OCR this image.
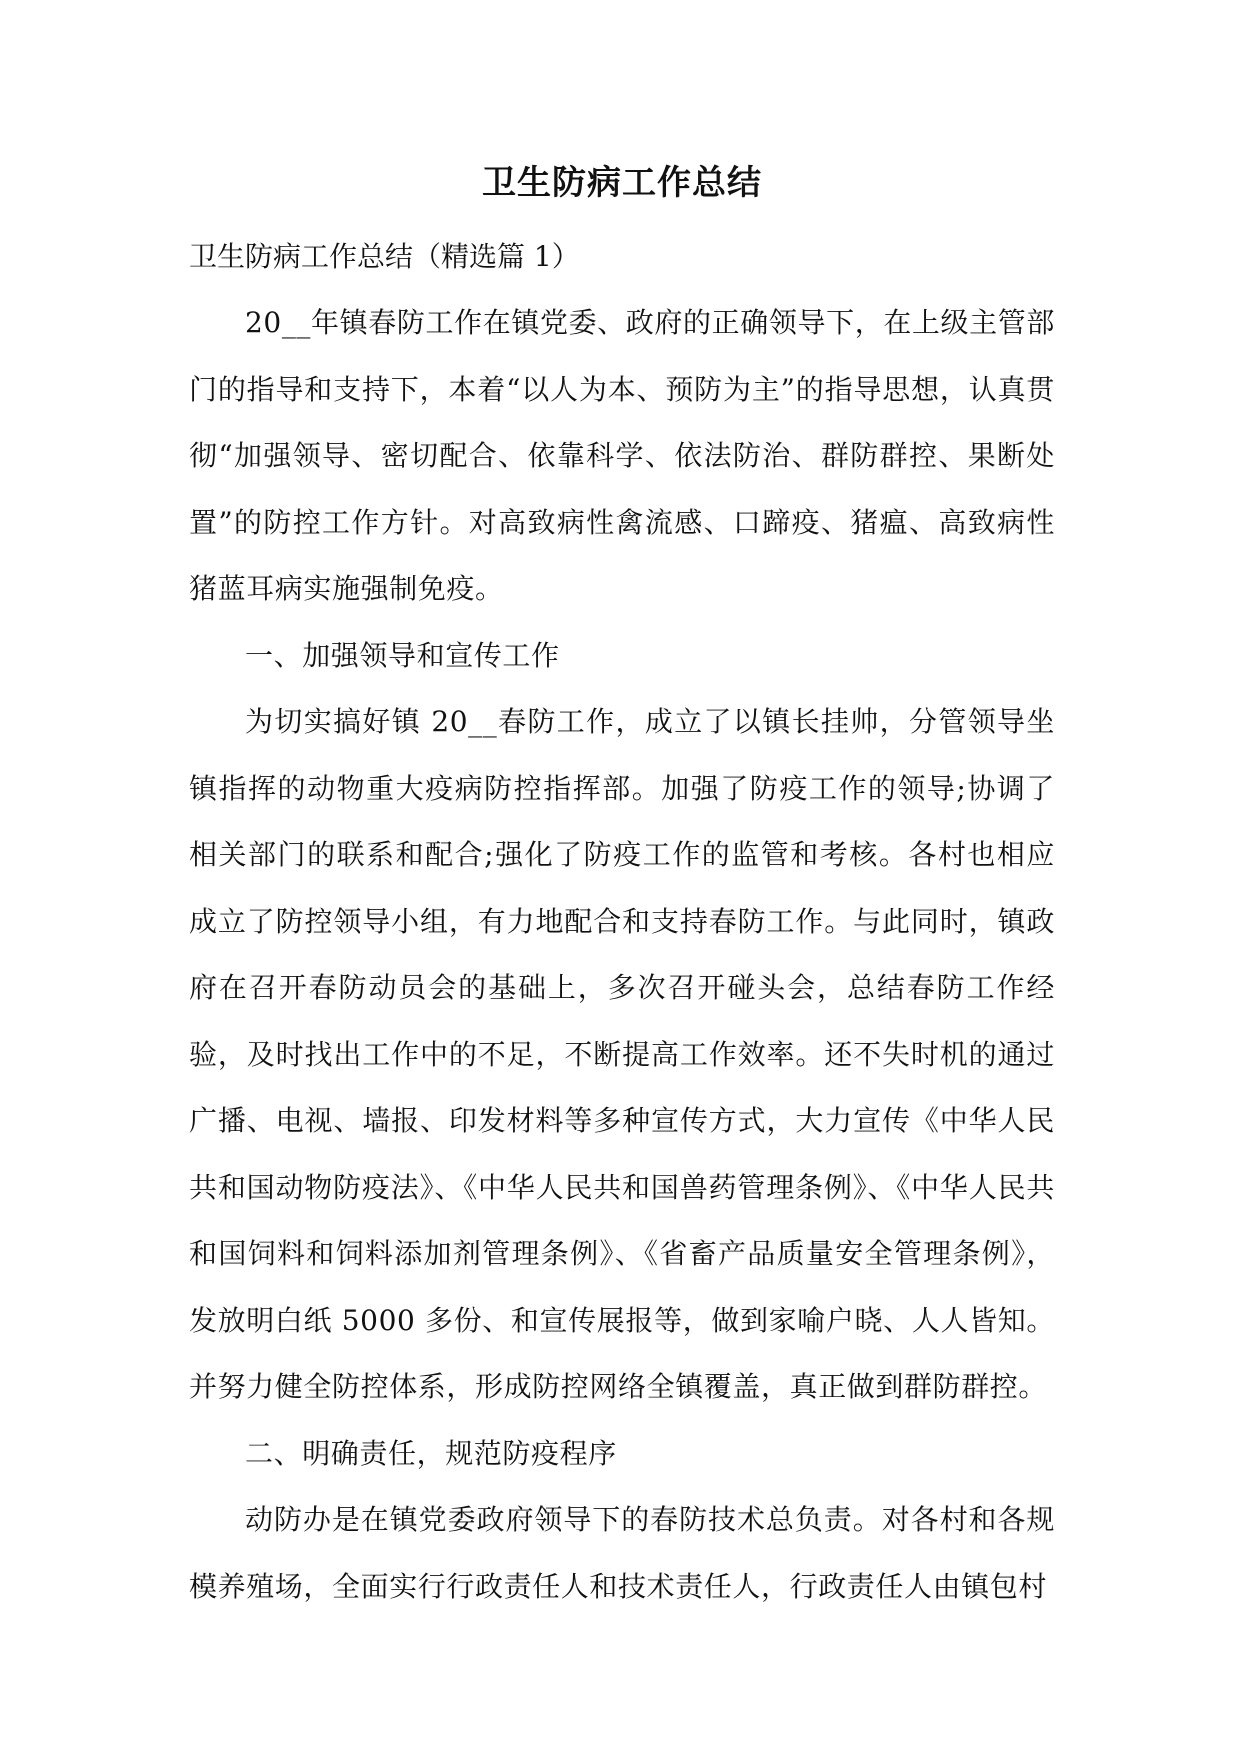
卫生防病工作总结
卫生防病工作总结（精选篇 1）

20__年镇春防工作在镇党委、政府的正确领导下，在上级主管部门的指导和支持下，本着“以人为本、预防为主”的指导思想，认真贯彻“加强领导、密切配合、依靠科学、依法防治、群防群控、果断处置”的防控工作方针。对高致病性禽流感、口蹄疫、猪瘟、高致病性猪蓝耳病实施强制免疫。

一、加强领导和宣传工作

为切实搞好镇 20__春防工作，成立了以镇长挂帅，分管领导坐镇指挥的动物重大疫病防控指挥部。加强了防疫工作的领导;协调了相关部门的联系和配合;强化了防疫工作的监管和考核。各村也相应成立了防控领导小组，有力地配合和支持春防工作。与此同时，镇政府在召开春防动员会的基础上，多次召开碰头会，总结春防工作经验，及时找出工作中的不足，不断提高工作效率。还不失时机的通过广播、电视、墙报、印发材料等多种宣传方式，大力宣传《中华人民共和国动物防疫法》、《中华人民共和国兽药管理条例》、《中华人民共和国饲料和饲料添加剂管理条例》、《省畜产品质量安全管理条例》，发放明白纸 5000 多份、和宣传展报等，做到家喻户晓、人人皆知。并努力健全防控体系，形成防控网络全镇覆盖，真正做到群防群控。

二、明确责任，规范防疫程序

动防办是在镇党委政府领导下的春防技术总负责。对各村和各规模养殖场，全面实行行政责任人和技术责任人，行政责任人由镇包村
